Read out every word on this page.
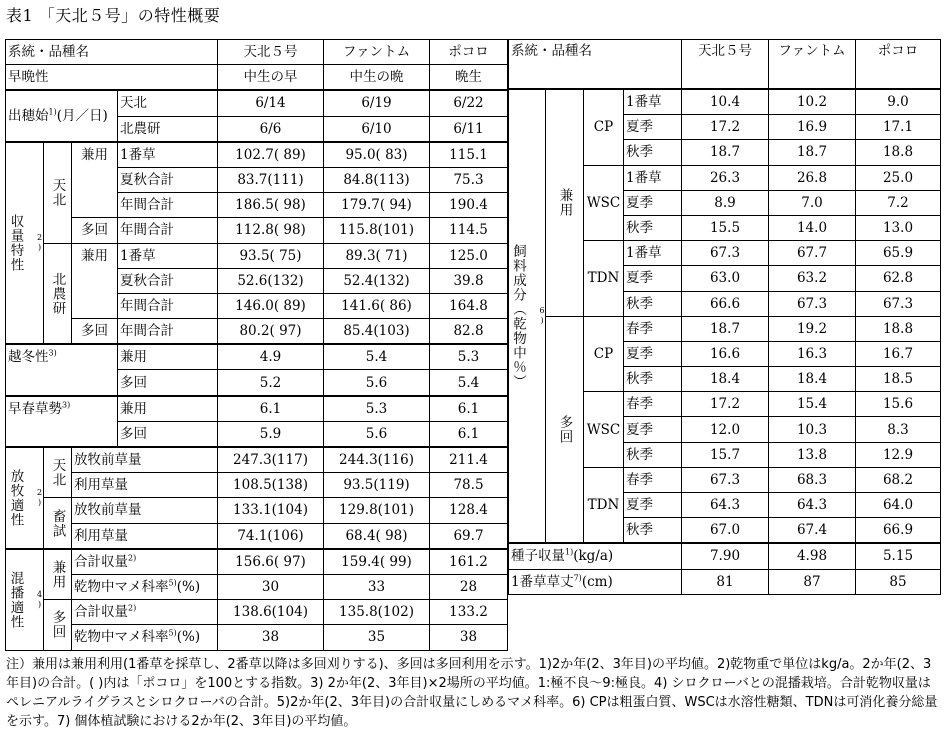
表1 「天北５号」の特性概要
系統・品種名				天北５号	ファントム	ポコロ
早晩性				中生の早	中生の晩	晩生
出穂始$^{1)}$(月／日)			天北	6/14	6/19	6/22
			北農研	6/6	6/10	6/11
$^{2)}$
収量特性	天北	兼用	1番草	102.7( 89)	95.0( 83)	115.1
			夏秋合計	83.7(111)	84.8(113)	75.3
			年間合計	186.5( 98)	179.7( 94)	190.4
		多回	年間合計	112.8( 98)	115.8(101)	114.5
	北農研	兼用	1番草	93.5( 75)	89.3( 71)	125.0
			夏秋合計	52.6(132)	52.4(132)	39.8
			年間合計	146.0( 89)	141.6( 86)	164.8
		多回	年間合計	80.2( 97)	85.4(103)	82.8
越冬性$^{3)}$			兼用	4.9	5.4	5.3
			多回	5.2	5.6	5.4
早春草勢$^{3)}$			兼用	6.1	5.3	6.1
			多回	5.9	5.6	6.1
$^{2)}$
放牧適性	天北	放牧前草量		247.3(117)	244.3(116)	211.4
		利用草量		108.5(138)	93.5(119)	78.5
	畜試	放牧前草量		133.1(104)	129.8(101)	128.4
		利用草量		74.1(106)	68.4( 98)	69.7
$^{4)}$
混播適性	兼用	合計収量$^{2)}$		156.6( 97)	159.4( 99)	161.2
		乾物中マメ科率$^{5)}$(%)		30	33	28
	多回	合計収量$^{2)}$		138.6(104)	135.8(102)	133.2
		乾物中マメ科率$^{5)}$(%)		38	35	38
系統・品種名				天北５号	ファントム	ポコロ

$^{6)}$
飼料成分（乾物中％）	兼用	CP	1番草	10.4	10.2	9.0
			夏季	17.2	16.9	17.1
			秋季	18.7	18.7	18.8
		WSC	1番草	26.3	26.8	25.0
			夏季	8.9	7.0	7.2
			秋季	15.5	14.0	13.0
		TDN	1番草	67.3	67.7	65.9
			夏季	63.0	63.2	62.8
			秋季	66.6	67.3	67.3
	多回	CP	春季	18.7	19.2	18.8
			夏季	16.6	16.3	16.7
			秋季	18.4	18.4	18.5
		WSC	春季	17.2	15.4	15.6
			夏季	12.0	10.3	8.3
			秋季	15.7	13.8	12.9
		TDN	春季	67.3	68.3	68.2
			夏季	64.3	64.3	64.0
			秋季	67.0	67.4	66.9
種子収量$^{1)}$(kg/a)				7.90	4.98	5.15
1番草草丈$^{7)}$(cm)				81	87	85
注）兼用は兼用利用(1番草を採草し、2番草以降は多回刈りする)、多回は多回利用を示す。1)2か年(2、3年目)の平均値。2)乾物重で単位はkg/a。2か年(2、3年目)の合計。( )内は「ポコロ」を100とする指数。3) 2か年(2、3年目)×2場所の平均値。1:極不良～9:極良。4) シロクローバとの混播栽培。合計乾物収量はペレニアルライグラスとシロクローバの合計。5)2か年(2、3年目)の合計収量にしめるマメ科率。6) CPは粗蛋白質、WSCは水溶性糖類、TDNは可消化養分総量を示す。7) 個体植試験における2か年(2、3年目)の平均値。
